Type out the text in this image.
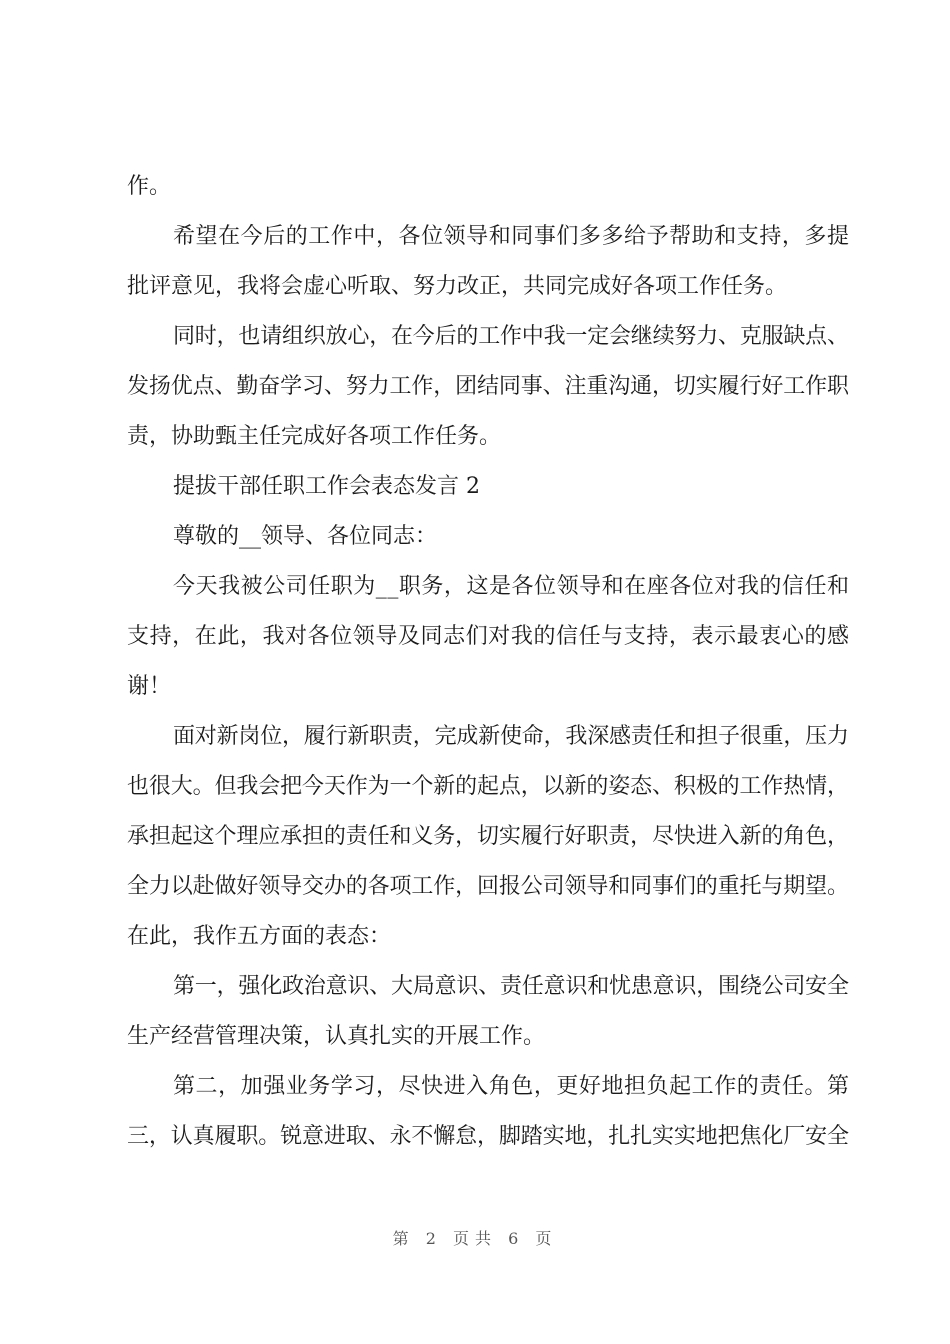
作。
希望在今后的工作中，各位领导和同事们多多给予帮助和支持，多提
批评意见，我将会虚心听取、努力改正，共同完成好各项工作任务。
同时，也请组织放心，在今后的工作中我一定会继续努力、克服缺点、
发扬优点、勤奋学习、努力工作，团结同事、注重沟通，切实履行好工作职
责，协助甄主任完成好各项工作任务。
提拔干部任职工作会表态发言 2
尊敬的__领导、各位同志：
今天我被公司任职为__职务，这是各位领导和在座各位对我的信任和
支持，在此，我对各位领导及同志们对我的信任与支持，表示最衷心的感
谢！
面对新岗位，履行新职责，完成新使命，我深感责任和担子很重，压力
也很大。但我会把今天作为一个新的起点，以新的姿态、积极的工作热情，
承担起这个理应承担的责任和义务，切实履行好职责，尽快进入新的角色，
全力以赴做好领导交办的各项工作，回报公司领导和同事们的重托与期望。
在此，我作五方面的表态：
第一，强化政治意识、大局意识、责任意识和忧患意识，围绕公司安全
生产经营管理决策，认真扎实的开展工作。
第二，加强业务学习，尽快进入角色，更好地担负起工作的责任。第
三，认真履职。锐意进取、永不懈怠，脚踏实地，扎扎实实地把焦化厂安全
第 2 页共 6 页
